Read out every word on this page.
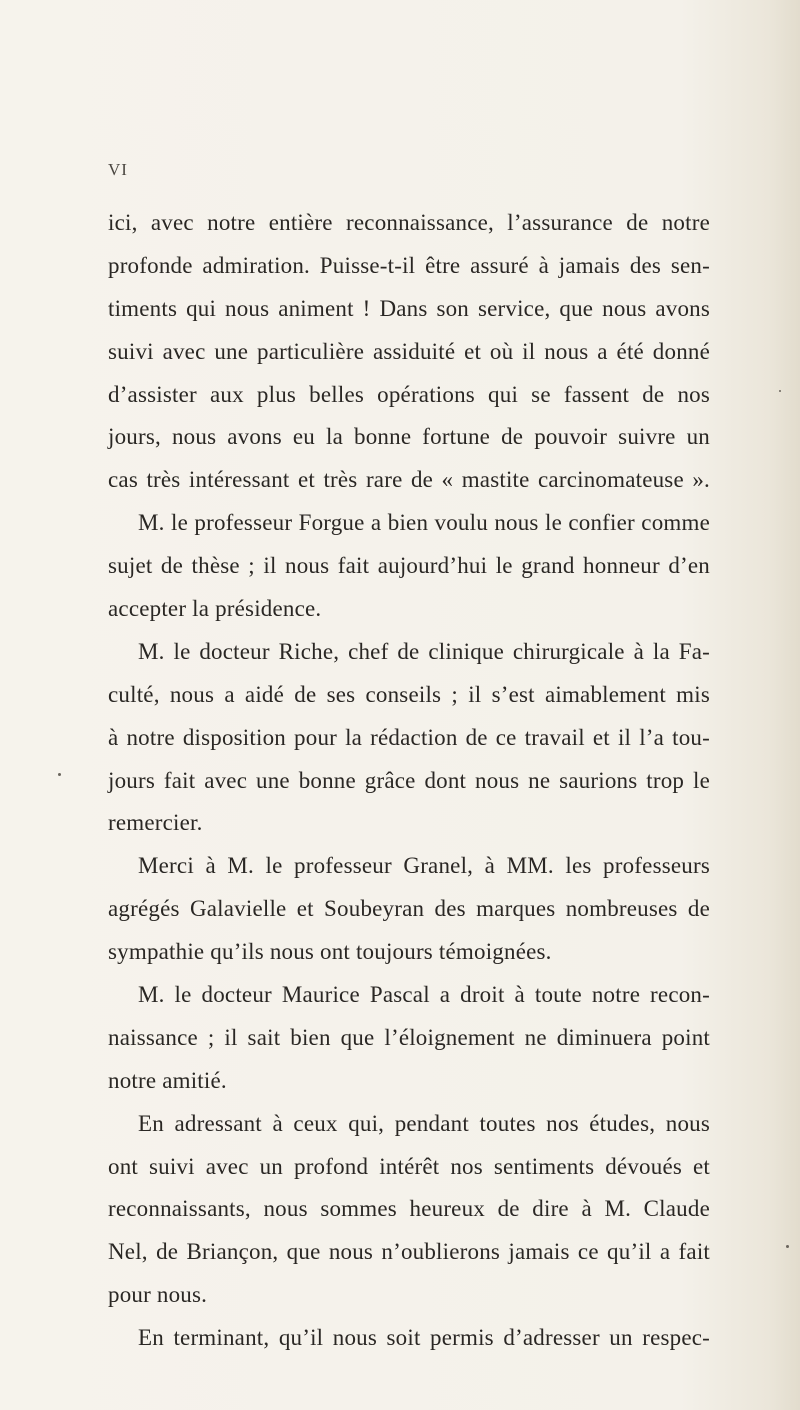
VI
ici, avec notre entière reconnaissance, l’assurance de notre
profonde admiration. Puisse-t-il être assuré à jamais des sen-
timents qui nous animent ! Dans son service, que nous avons
suivi avec une particulière assiduité et où il nous a été donné
d’assister aux plus belles opérations qui se fassent de nos
jours, nous avons eu la bonne fortune de pouvoir suivre un
cas très intéressant et très rare de « mastite carcinomateuse ».
M. le professeur Forgue a bien voulu nous le confier comme
sujet de thèse ; il nous fait aujourd’hui le grand honneur d’en
accepter la présidence.
M. le docteur Riche, chef de clinique chirurgicale à la Fa-
culté, nous a aidé de ses conseils ; il s’est aimablement mis
à notre disposition pour la rédaction de ce travail et il l’a tou-
jours fait avec une bonne grâce dont nous ne saurions trop le
remercier.
Merci à M. le professeur Granel, à MM. les professeurs
agrégés Galavielle et Soubeyran des marques nombreuses de
sympathie qu’ils nous ont toujours témoignées.
M. le docteur Maurice Pascal a droit à toute notre recon-
naissance ; il sait bien que l’éloignement ne diminuera point
notre amitié.
En adressant à ceux qui, pendant toutes nos études, nous
ont suivi avec un profond intérêt nos sentiments dévoués et
reconnaissants, nous sommes heureux de dire à M. Claude
Nel, de Briançon, que nous n’oublierons jamais ce qu’il a fait
pour nous.
En terminant, qu’il nous soit permis d’adresser un respec-
